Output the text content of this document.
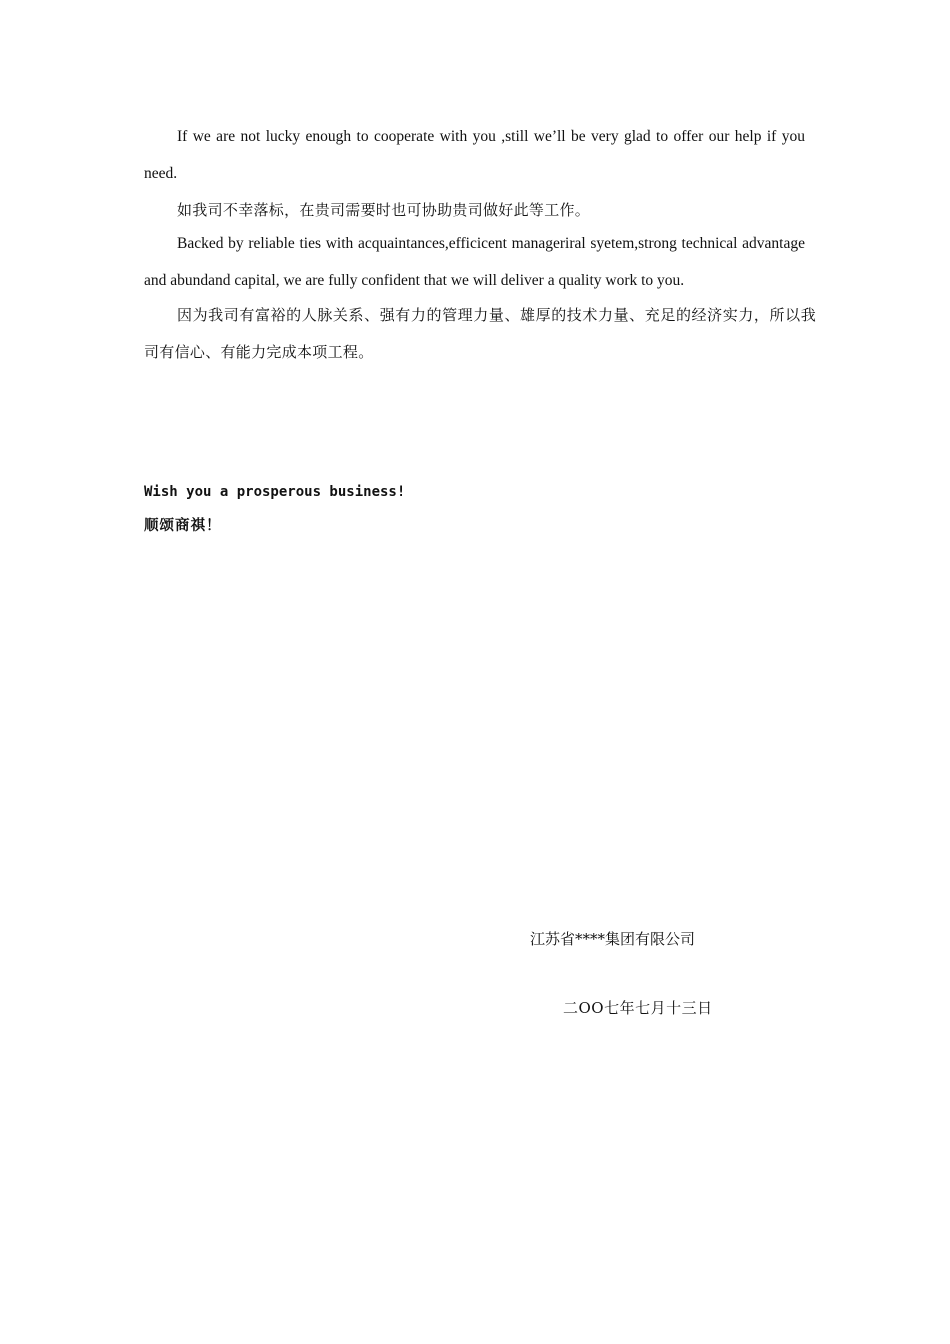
If we are not lucky enough to cooperate with you ,still we’ll be very glad to offer our help if you need.

如我司不幸落标，在贵司需要时也可协助贵司做好此等工作。

Backed by reliable ties with acquaintances,efficicent manageriral syetem,strong technical advantage and abundand capital, we are fully confident that we will deliver a quality work to you.

因为我司有富裕的人脉关系、强有力的管理力量、雄厚的技术力量、充足的经济实力，所以我司有信心、有能力完成本项工程。

Wish you a prosperous business!

顺颂商祺！

江苏省****集团有限公司

二OO七年七月十三日
